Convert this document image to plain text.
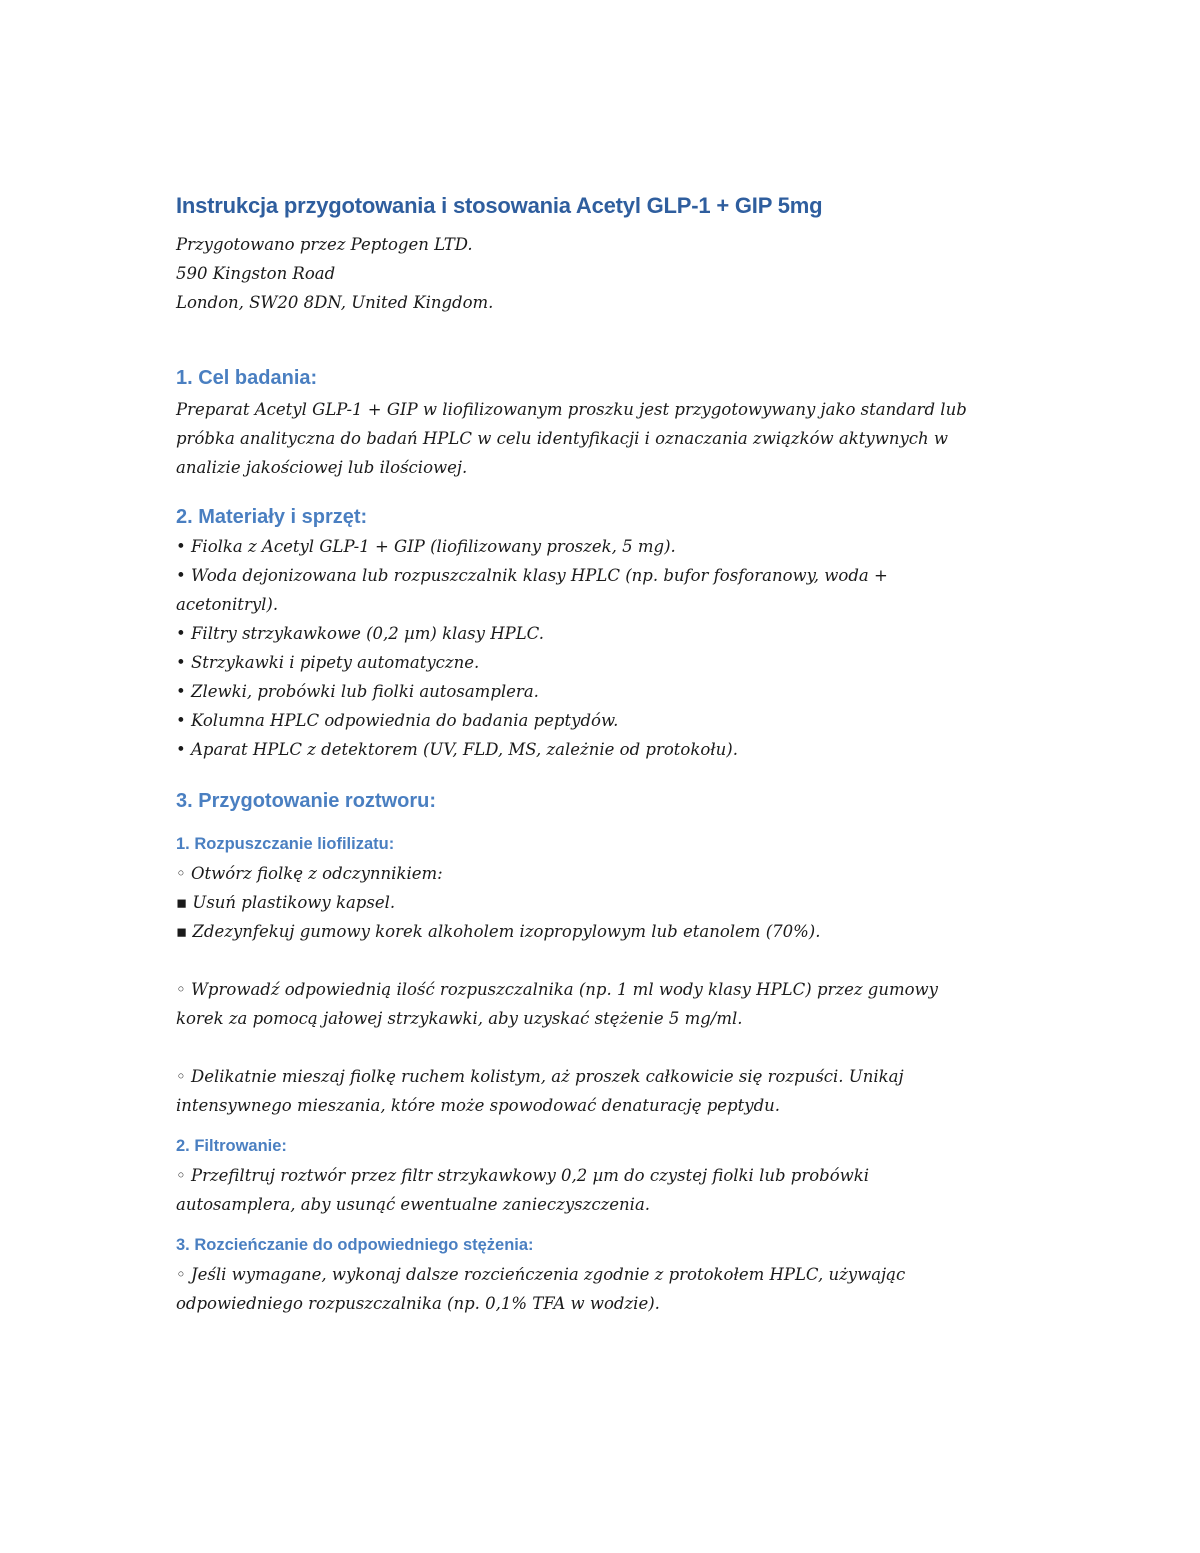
Instrukcja przygotowania i stosowania Acetyl GLP-1 + GIP 5mg
Przygotowano przez Peptogen LTD.
590 Kingston Road
London, SW20 8DN, United Kingdom.
1. Cel badania:
Preparat Acetyl GLP-1 + GIP w liofilizowanym proszku jest przygotowywany jako standard lub
próbka analityczna do badań HPLC w celu identyfikacji i oznaczania związków aktywnych w
analizie jakościowej lub ilościowej.
2. Materiały i sprzęt:
• Fiolka z Acetyl GLP-1 + GIP (liofilizowany proszek, 5 mg).
• Woda dejonizowana lub rozpuszczalnik klasy HPLC (np. bufor fosforanowy, woda +
acetonitryl).
• Filtry strzykawkowe (0,2 µm) klasy HPLC.
• Strzykawki i pipety automatyczne.
• Zlewki, probówki lub fiolki autosamplera.
• Kolumna HPLC odpowiednia do badania peptydów.
• Aparat HPLC z detektorem (UV, FLD, MS, zależnie od protokołu).
3. Przygotowanie roztworu:
1. Rozpuszczanie liofilizatu:
◦ Otwórz fiolkę z odczynnikiem:
▪ Usuń plastikowy kapsel.
▪ Zdezynfekuj gumowy korek alkoholem izopropylowym lub etanolem (70%).
◦ Wprowadź odpowiednią ilość rozpuszczalnika (np. 1 ml wody klasy HPLC) przez gumowy
korek za pomocą jałowej strzykawki, aby uzyskać stężenie 5 mg/ml.
◦ Delikatnie mieszaj fiolkę ruchem kolistym, aż proszek całkowicie się rozpuści. Unikaj
intensywnego mieszania, które może spowodować denaturację peptydu.
2. Filtrowanie:
◦ Przefiltruj roztwór przez filtr strzykawkowy 0,2 µm do czystej fiolki lub probówki
autosamplera, aby usunąć ewentualne zanieczyszczenia.
3. Rozcieńczanie do odpowiedniego stężenia:
◦ Jeśli wymagane, wykonaj dalsze rozcieńczenia zgodnie z protokołem HPLC, używając
odpowiedniego rozpuszczalnika (np. 0,1% TFA w wodzie).
